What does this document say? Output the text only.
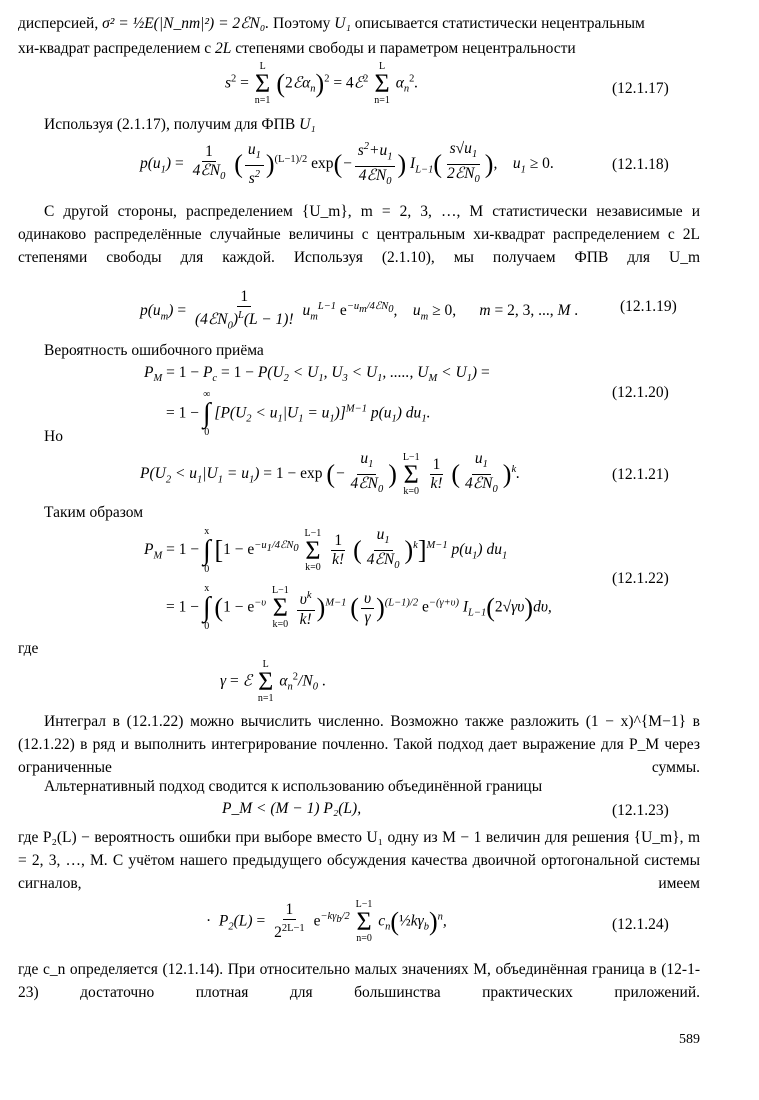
дисперсией, σ² = ½E(|N_nm|²) = 2ℰN₀. Поэтому U₁ описывается статистически нецентральным
хи-квадрат распределением с 2L степенями свободы и параметром нецентральности
$s^2$ =
L
Σ
n=1
(2ℰα$_n$)$^2$ = 4ℰ$^2$
L
Σ
n=1
$\alpha_n^2$.	(12.1.17)
Используя (2.1.17), получим для ФПВ U₁
$p(u_1) = \frac{1}{4ℰN_0}$ ( $\frac{u_1}{s^2} )^{(L-1)/2}$ $\exp(- \frac{s^2+u_1}{4ℰN_0}$ ) $I_{L-1}( \frac{s√u_1}{2ℰN_0}$ ),    $u_1 \ge 0$.	(12.1.18)
С другой стороны, распределением {U_m}, m = 2, 3, …, M статистически независимые и одинаково распределённые случайные величины с центральным хи-квадрат распределением с 2L степенями свободы для каждой. Используя (2.1.10), мы получаем ФПВ для U_m
$p(u_m) = \frac{1}{(4ℰN_0)^L(L - 1)!} u_m^{L-1}$ $e^{-u_m/4ℰN_0}$,    $u_m \ge 0$,      m = 2, 3, ..., M .	(12.1.19)
Вероятность ошибочного приёма
$P_M = 1 - P_c = 1 - P(U_2 < U_1$, $U_3 < U_1$, ....., $U_M < U_1$) =
= 1 −
∞
∫
0
$[P(U_2 < u_1|U_1 = u_1)]^{M-1}$ $p(u_1)$ $du_1$.
(12.1.20)
Но
$P(U_2 < u_1|U_1 = u_1) = 1 - \exp$ (− $\frac{u_1}{4ℰN_0}$ )
L−1
Σ
k=0
$\frac{1}{k!}$ ( $\frac{u_1}{4ℰN_0} )^k$.	(12.1.21)
Таким образом
$P_M = 1$ −
x
∫
0
[$1 - e^{-u_1/4ℰN_0}$
L−1
Σ
k=0
$\frac{1}{k!}$ ( $\frac{u_1}{4ℰN_0} )^k]^{M-1}$ $p(u_1)$ $du_1$
= 1 −
x
∫
0
($1 - e^{-\upsilon}$
L−1
Σ
k=0
$\frac{\upsilon^k}{k!} )^{M-1}$ ( $\frac{\upsilon}{\gamma} )^{(L-1)/2}$ $e^{-(\gamma+\upsilon)}$ $I_{L-1}(2√\gamma\upsilon)d\upsilon$,
(12.1.22)
где
γ = ℰ
L
Σ
n=1
$\alpha_n^2/N_0$ .
Интеграл в (12.1.22) можно вычислить численно. Возможно также разложить (1 − x)^{M−1} в (12.1.22) в ряд и выполнить интегрирование почленно. Такой подход дает выражение для P_M через ограниченные суммы.
Альтернативный подход сводится к использованию объединённой границы
P_M < (M − 1) P₂(L),	(12.1.23)
где P₂(L) − вероятность ошибки при выборе вместо U₁ одну из M − 1 величин для решения {U_m}, m = 2, 3, …, M. С учётом нашего предыдущего обсуждения качества двоичной ортогональной системы сигналов, имеем
·  $P_2(L) = \frac{1}{2^{2L-1}} e^{-k\gamma_b/2}$
L−1
Σ
n=0
$c_n(\frac{1}{2}k\gamma_b)^n$,	(12.1.24)
где c_n определяется (12.1.14). При относительно малых значениях M, объединённая граница в (12-1-23) достаточно плотная для большинства практических приложений.
589
